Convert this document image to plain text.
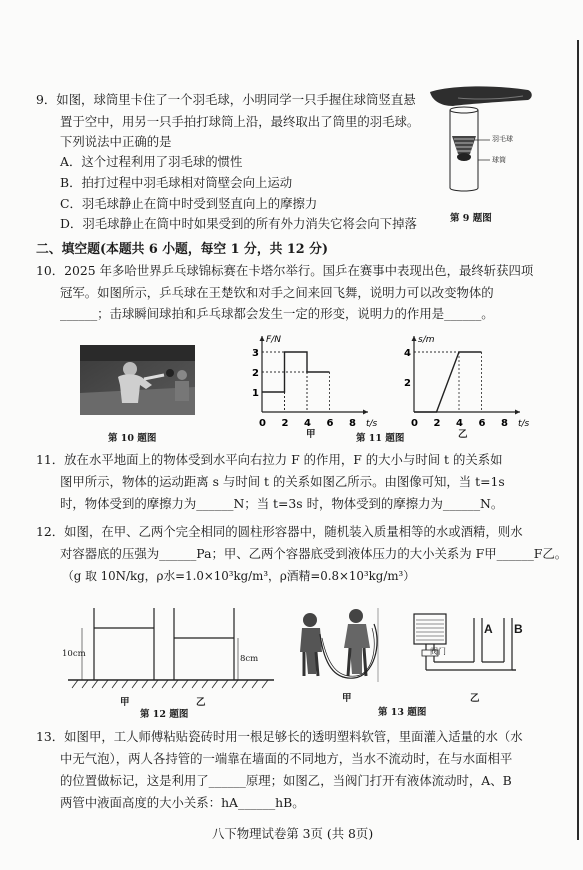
9．如图，球筒里卡住了一个羽毛球，小明同学一只手握住球筒竖直悬
置于空中，用另一只手拍打球筒上沿，最终取出了筒里的羽毛球。
下列说法中正确的是
A．这个过程利用了羽毛球的惯性
B．拍打过程中羽毛球相对筒壁会向上运动
C．羽毛球静止在筒中时受到竖直向上的摩擦力
D．羽毛球静止在筒中时如果受到的所有外力消失它将会向下掉落
羽毛球
球筒
第 9 题图
二、填空题(本题共 6 小题，每空 1 分，共 12 分)
10．2025 年多哈世界乒乓球锦标赛在卡塔尔举行。国乒在赛事中表现出色，最终斩获四项
冠军。如图所示，乒乓球在王楚钦和对手之间来回飞舞，说明力可以改变物体的
______；击球瞬间球拍和乒乓球都会发生一定的形变，说明力的作用是______。
第 10 题图
F/N
t/s
0 2 4 6 8
1
2
3
s/m
t/s
0 2 4 6 8
2
4
甲	乙
第 11 题图
11．放在水平地面上的物体受到水平向右拉力 F 的作用，F 的大小与时间 t 的关系如
图甲所示，物体的运动距离 s 与时间 t 的关系如图乙所示。由图像可知，当 t=1s
时，物体受到的摩擦力为______N；当 t=3s 时，物体受到的摩擦力为______N。
12．如图，在甲、乙两个完全相同的圆柱形容器中，随机装入质量相等的水或酒精，则水
对容器底的压强为______Pa；甲、乙两个容器底受到液体压力的大小关系为 F甲______F乙。
（g 取 10N/kg，ρ水=1.0×10³kg/m³，ρ酒精=0.8×10³kg/m³）
10cm	8cm
甲	乙
第 12 题图
阀门
A B
甲	乙
第 13 题图
13．如图甲，工人师傅粘贴瓷砖时用一根足够长的透明塑料软管，里面灌入适量的水（水
中无气泡），两人各持管的一端靠在墙面的不同地方，当水不流动时，在与水面相平
的位置做标记，这是利用了______原理；如图乙，当阀门打开有液体流动时，A、B
两管中液面高度的大小关系：hA______hB。
八下物理试卷第 3页 (共 8页)
